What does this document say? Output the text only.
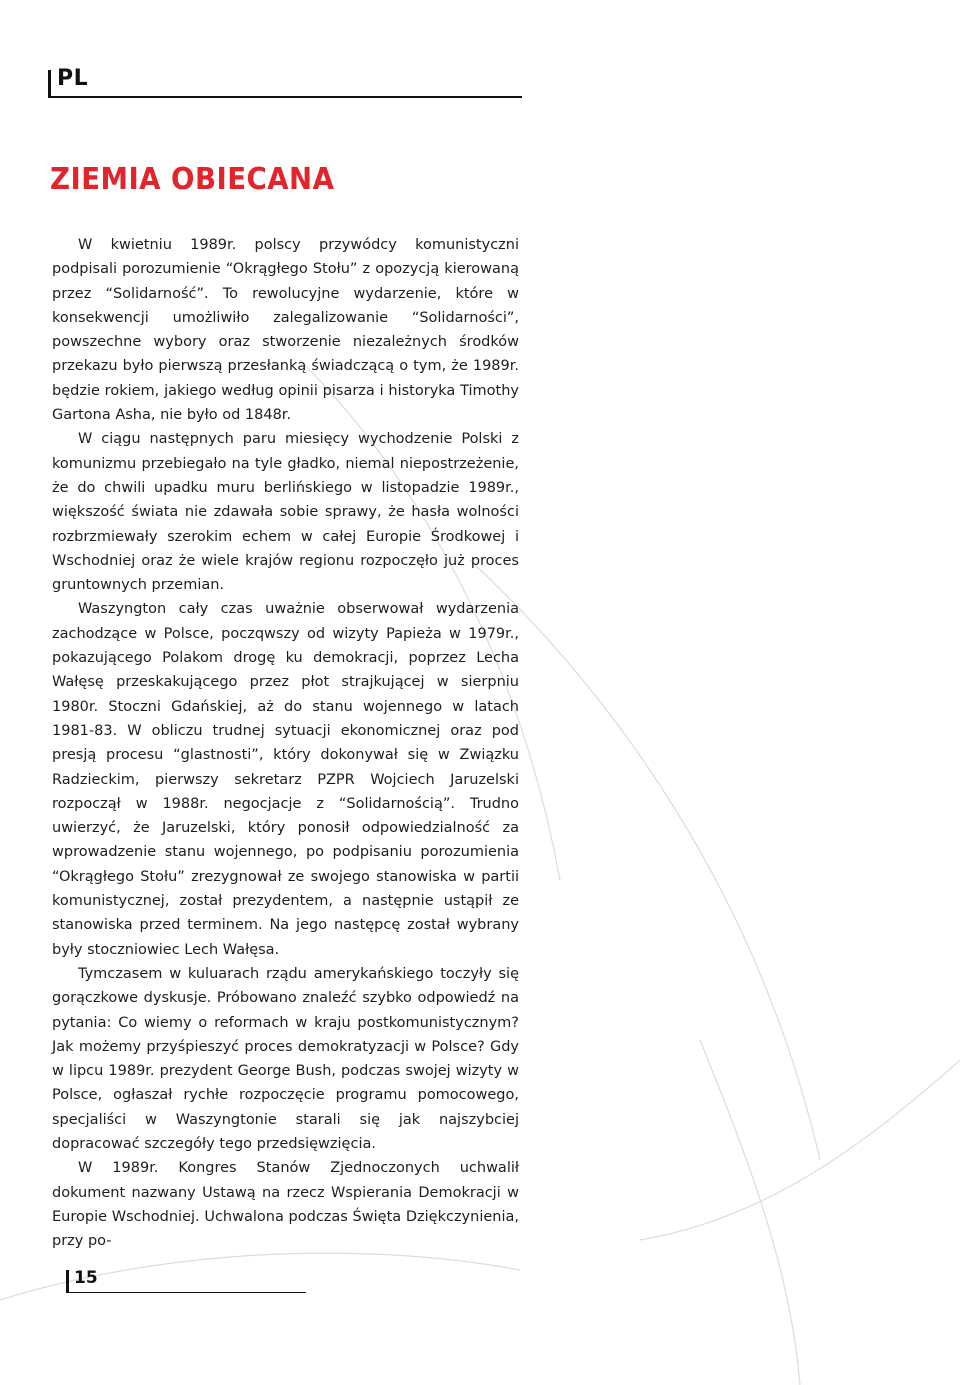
PL
ZIEMIA OBIECANA

W kwietniu 1989r. polscy przywódcy komunistyczni podpisali porozumienie “Okrągłego Stołu” z opozycją kierowaną przez “Solidarność”. To rewolucyjne wydarzenie, które w konsekwencji umożliwiło zalegalizowanie “Solidarności”, powszechne wybory oraz stworzenie niezależnych środków przekazu było pierwszą przesłanką świadczącą o tym, że 1989r. będzie rokiem, jakiego według opinii pisarza i historyka Timothy Gartona Asha, nie było od 1848r.

W ciągu następnych paru miesięcy wychodzenie Polski z komunizmu przebiegało na tyle gładko, niemal niepostrzeżenie, że do chwili upadku muru berlińskiego w listopadzie 1989r., większość świata nie zdawała sobie sprawy, że hasła wolności rozbrzmiewały szerokim echem w całej Europie Środkowej i Wschodniej oraz że wiele krajów regionu rozpoczęło już proces gruntownych przemian.

Waszyngton cały czas uważnie obserwował wydarzenia zachodzące w Polsce, poczqwszy od wizyty Papieża w 1979r., pokazującego Polakom drogę ku demokracji, poprzez Lecha Wałęsę przeskakującego przez płot strajkującej w sierpniu 1980r. Stoczni Gdańskiej, aż do stanu wojennego w latach 1981-83. W obliczu trudnej sytuacji ekonomicznej oraz pod presją procesu “glastnosti”, który dokonywał się w Związku Radzieckim, pierwszy sekretarz PZPR Wojciech Jaruzelski rozpoczął w 1988r. negocjacje z “Solidarnością”. Trudno uwierzyć, że Jaruzelski, który ponosił odpowiedzialność za wprowadzenie stanu wojennego, po podpisaniu porozumienia “Okrągłego Stołu” zrezygnował ze swojego stanowiska w partii komunistycznej, został prezydentem, a następnie ustąpił ze stanowiska przed terminem. Na jego następcę został wybrany były stoczniowiec Lech Wałęsa.

Tymczasem w kuluarach rządu amerykańskiego toczyły się gorączkowe dyskusje. Próbowano znaleźć szybko odpowiedź na pytania: Co wiemy o reformach w kraju postkomunistycznym? Jak możemy przyśpieszyć proces demokratyzacji w Polsce? Gdy w lipcu 1989r. prezydent George Bush, podczas swojej wizyty w Polsce, ogłaszał rychłe rozpoczęcie programu pomocowego, specjaliści w Waszyngtonie starali się jak najszybciej dopracować szczegóły tego przedsięwzięcia.

W 1989r. Kongres Stanów Zjednoczonych uchwalił dokument nazwany Ustawą na rzecz Wspierania Demokracji w Europie Wschodniej. Uchwalona podczas Święta Dziękczynienia, przy po-

15
